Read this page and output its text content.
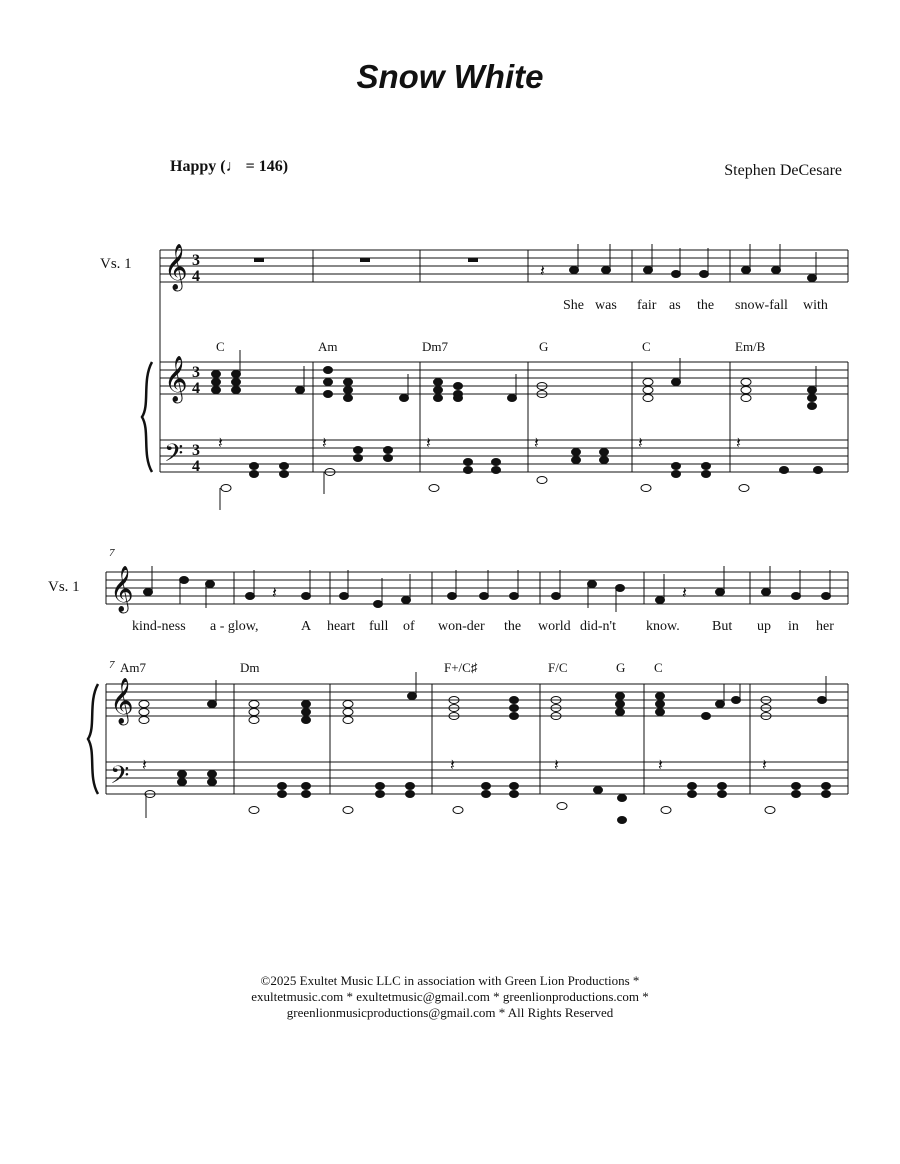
Snow White
Happy (♩ = 146)	Stephen DeCesare
Vs. 1
C	Am	Dm7	G	C	Em/B
She was fair as the snow-fall with
7
Vs. 1
7 Am7	Dm	F+/C♯	F/C	G C
kind-ness a - glow,	A heart full of won-der the world did-n't know. But up in her
𝄞
𝄞
𝄢
3
4
3
4
3
4
𝄽
𝄽	𝄽	𝄽	𝄽	𝄽	𝄽
𝄞
𝄞
𝄢
𝄽	𝄽
𝄽	𝄽	𝄽	𝄽	𝄽
©2025 Exultet Music LLC in association with Green Lion Productions *
exultetmusic.com * exultetmusic@gmail.com * greenlionproductions.com *
greenlionmusicproductions@gmail.com * All Rights Reserved
